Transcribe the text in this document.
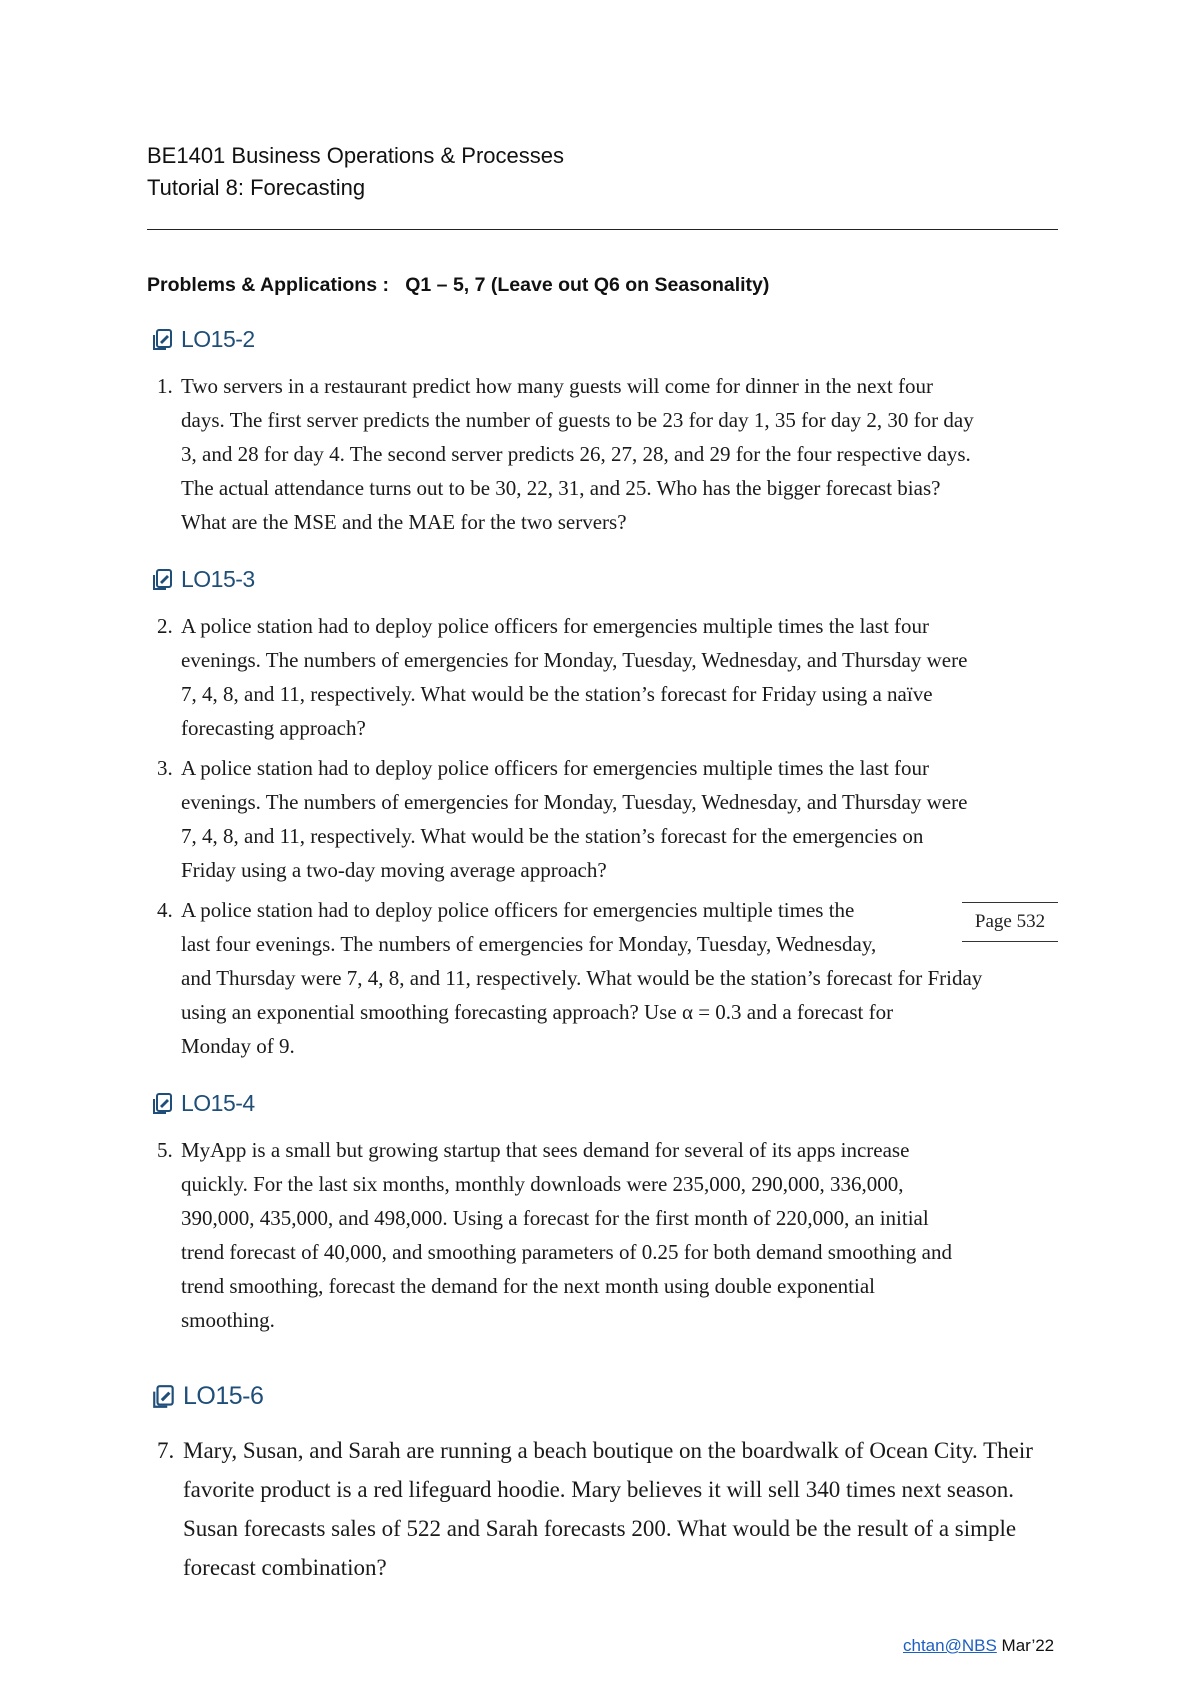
BE1401 Business Operations & Processes
Tutorial 8: Forecasting
Problems & Applications : Q1 – 5, 7 (Leave out Q6 on Seasonality)
LO15-2
1. Two servers in a restaurant predict how many guests will come for dinner in the next four
days. The first server predicts the number of guests to be 23 for day 1, 35 for day 2, 30 for day
3, and 28 for day 4. The second server predicts 26, 27, 28, and 29 for the four respective days.
The actual attendance turns out to be 30, 22, 31, and 25. Who has the bigger forecast bias?
What are the MSE and the MAE for the two servers?
LO15-3
2. A police station had to deploy police officers for emergencies multiple times the last four
evenings. The numbers of emergencies for Monday, Tuesday, Wednesday, and Thursday were
7, 4, 8, and 11, respectively. What would be the station’s forecast for Friday using a naïve
forecasting approach?
3. A police station had to deploy police officers for emergencies multiple times the last four
evenings. The numbers of emergencies for Monday, Tuesday, Wednesday, and Thursday were
7, 4, 8, and 11, respectively. What would be the station’s forecast for the emergencies on
Friday using a two-day moving average approach?
4. A police station had to deploy police officers for emergencies multiple times the
last four evenings. The numbers of emergencies for Monday, Tuesday, Wednesday,
and Thursday were 7, 4, 8, and 11, respectively. What would be the station’s forecast for Friday
using an exponential smoothing forecasting approach? Use α = 0.3 and a forecast for
Monday of 9.
Page 532
LO15-4
5. MyApp is a small but growing startup that sees demand for several of its apps increase
quickly. For the last six months, monthly downloads were 235,000, 290,000, 336,000,
390,000, 435,000, and 498,000. Using a forecast for the first month of 220,000, an initial
trend forecast of 40,000, and smoothing parameters of 0.25 for both demand smoothing and
trend smoothing, forecast the demand for the next month using double exponential
smoothing.
LO15-6
7. Mary, Susan, and Sarah are running a beach boutique on the boardwalk of Ocean City. Their
favorite product is a red lifeguard hoodie. Mary believes it will sell 340 times next season.
Susan forecasts sales of 522 and Sarah forecasts 200. What would be the result of a simple
forecast combination?
chtan@NBS Mar’22
